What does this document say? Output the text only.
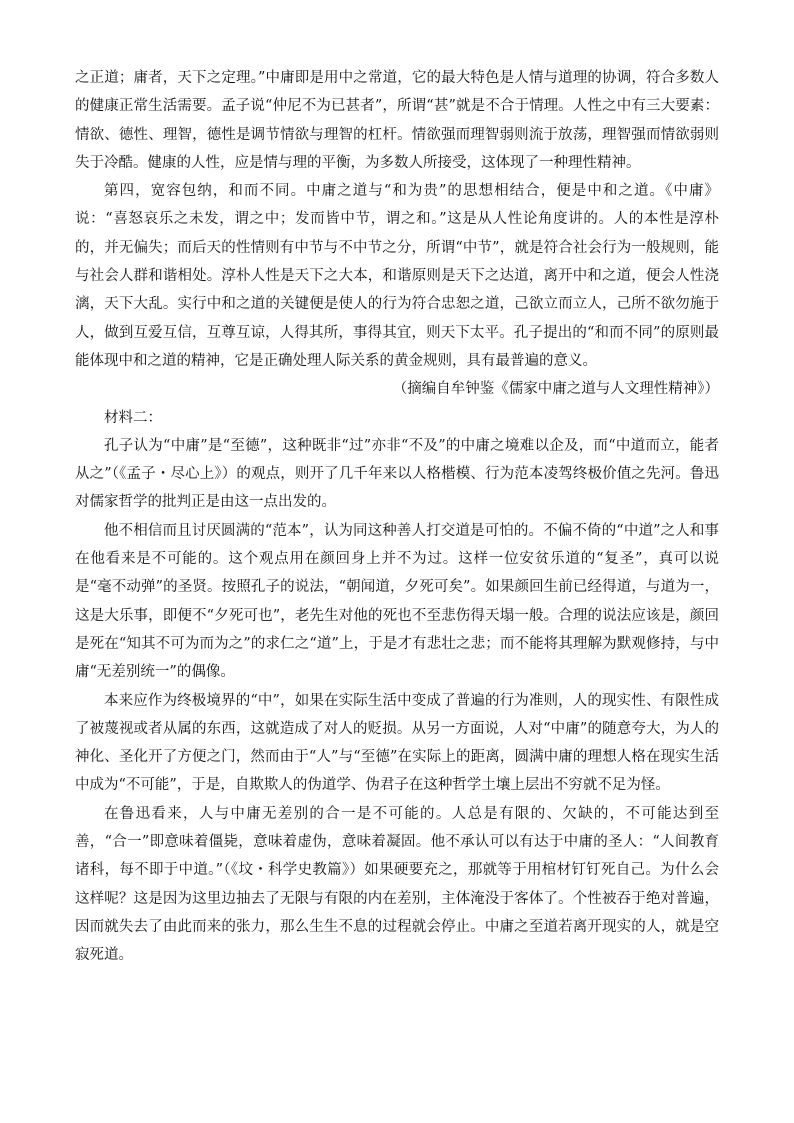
之正道；庸者，天下之定理。”中庸即是用中之常道，它的最大特色是人情与道理的协调，符合多数人的健康正常生活需要。孟子说“仲尼不为已甚者”，所谓“甚”就是不合于情理。人性之中有三大要素：情欲、德性、理智，德性是调节情欲与理智的杠杆。情欲强而理智弱则流于放荡，理智强而情欲弱则失于冷酷。健康的人性，应是情与理的平衡，为多数人所接受，这体现了一种理性精神。

第四，宽容包纳，和而不同。中庸之道与“和为贵”的思想相结合，便是中和之道。《中庸》说：“喜怒哀乐之未发，谓之中；发而皆中节，谓之和。”这是从人性论角度讲的。人的本性是淳朴的，并无偏失；而后天的性情则有中节与不中节之分，所谓“中节”，就是符合社会行为一般规则，能与社会人群和谐相处。淳朴人性是天下之大本，和谐原则是天下之达道，离开中和之道，便会人性浇漓，天下大乱。实行中和之道的关键便是使人的行为符合忠恕之道，己欲立而立人，己所不欲勿施于人，做到互爱互信，互尊互谅，人得其所，事得其宜，则天下太平。孔子提出的“和而不同”的原则最能体现中和之道的精神，它是正确处理人际关系的黄金规则，具有最普遍的意义。

（摘编自牟钟鉴《儒家中庸之道与人文理性精神》）

材料二：

孔子认为“中庸”是“至德”，这种既非“过”亦非“不及”的中庸之境难以企及，而“中道而立，能者从之”（《孟子・尽心上》）的观点，则开了几千年来以人格楷模、行为范本凌驾终极价值之先河。鲁迅对儒家哲学的批判正是由这一点出发的。

他不相信而且讨厌圆满的“范本”，认为同这种善人打交道是可怕的。不偏不倚的“中道”之人和事在他看来是不可能的。这个观点用在颜回身上并不为过。这样一位安贫乐道的“复圣”，真可以说是“毫不动弹”的圣贤。按照孔子的说法，“朝闻道，夕死可矣”。如果颜回生前已经得道，与道为一，这是大乐事，即便不“夕死可也”，老先生对他的死也不至悲伤得天塌一般。合理的说法应该是，颜回是死在“知其不可为而为之”的求仁之“道”上，于是才有悲壮之悲；而不能将其理解为默观修持，与中庸“无差别统一”的偶像。

本来应作为终极境界的“中”，如果在实际生活中变成了普遍的行为准则，人的现实性、有限性成了被蔑视或者从属的东西，这就造成了对人的贬损。从另一方面说，人对“中庸”的随意夸大，为人的神化、圣化开了方便之门，然而由于“人”与“至德”在实际上的距离，圆满中庸的理想人格在现实生活中成为“不可能”，于是，自欺欺人的伪道学、伪君子在这种哲学土壤上层出不穷就不足为怪。

在鲁迅看来，人与中庸无差别的合一是不可能的。人总是有限的、欠缺的，不可能达到至善，“合一”即意味着僵毙，意味着虚伪，意味着凝固。他不承认可以有达于中庸的圣人：“人间教育诸科，每不即于中道。”（《坟・科学史教篇》）如果硬要充之，那就等于用棺材钉钉死自己。为什么会这样呢？这是因为这里边抽去了无限与有限的内在差别，主体淹没于客体了。个性被吞于绝对普遍，因而就失去了由此而来的张力，那么生生不息的过程就会停止。中庸之至道若离开现实的人，就是空寂死道。
